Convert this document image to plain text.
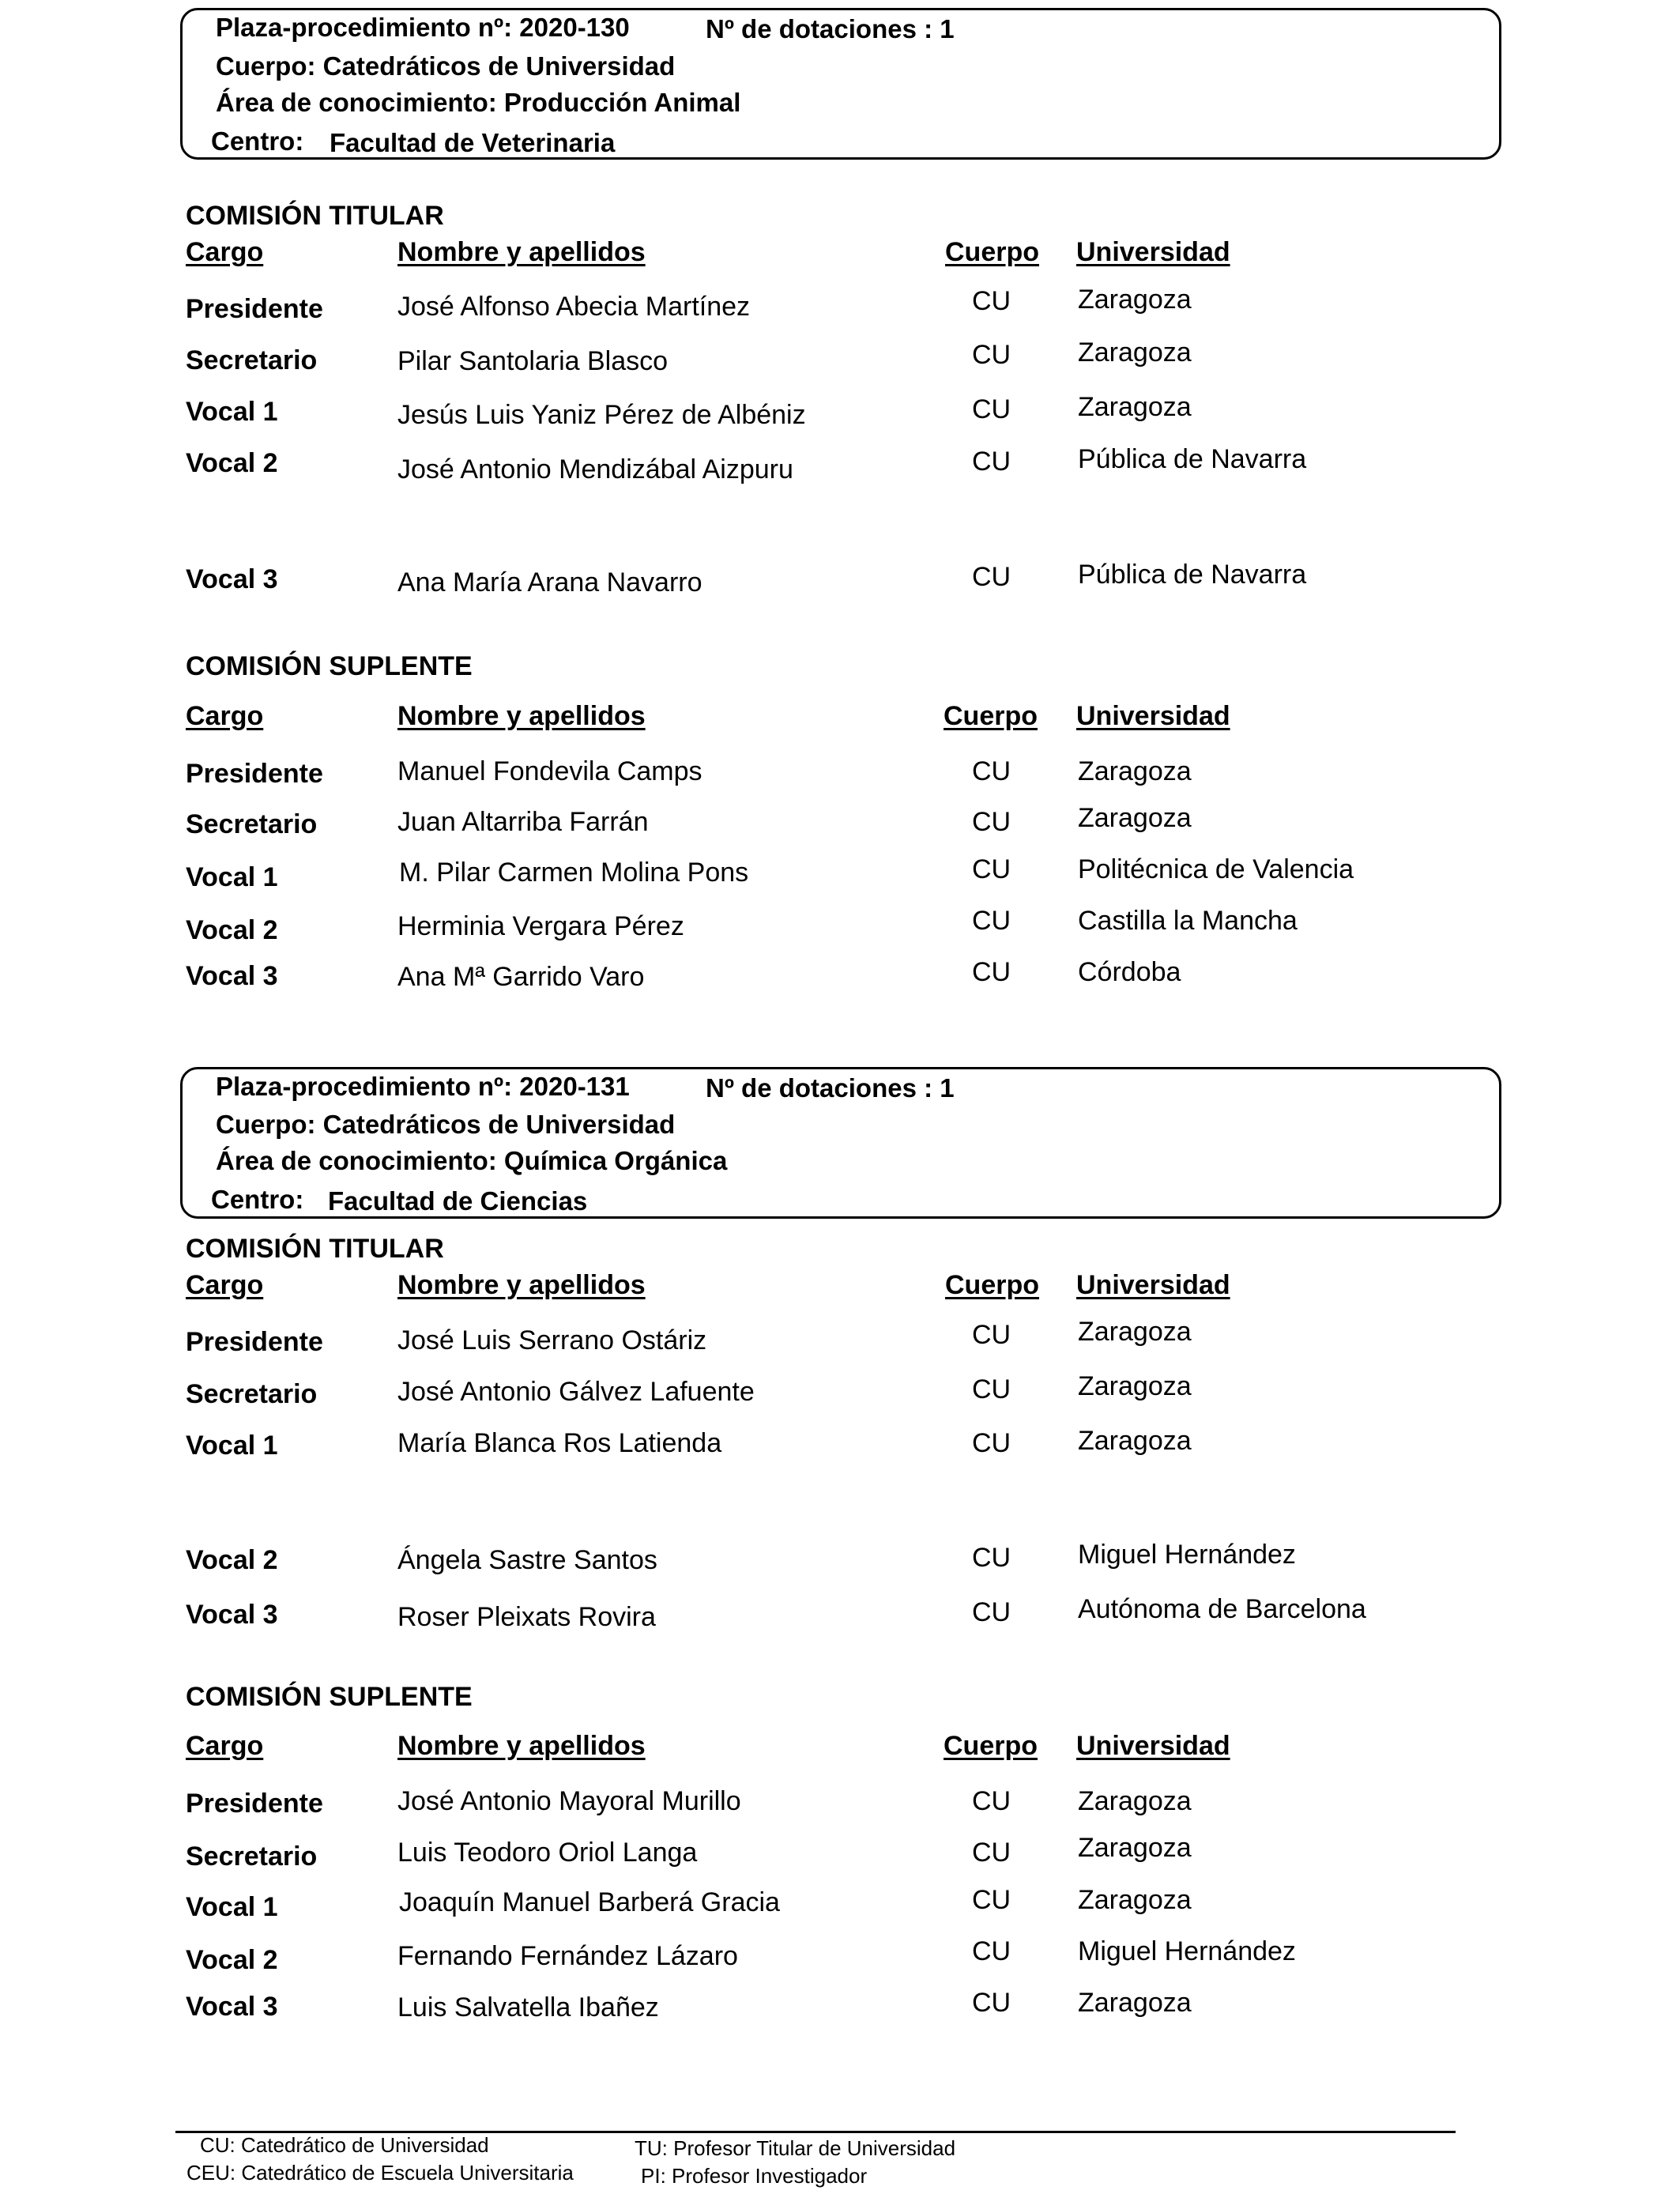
Plaza-procedimiento nº: 2020-130	Nº de dotaciones : 1
Cuerpo: Catedráticos de Universidad
Área de conocimiento: Producción Animal
Centro: Facultad de Veterinaria
COMISIÓN TITULAR
Cargo	Nombre y apellidos	Cuerpo Universidad
Presidente	José Alfonso Abecia Martínez	CU Zaragoza
Secretario	Pilar Santolaria Blasco	CU Zaragoza
Vocal 1	Jesús Luis Yaniz Pérez de Albéniz	CU Zaragoza
Vocal 2	José Antonio Mendizábal Aizpuru	CU Pública de Navarra
Vocal 3	Ana María Arana Navarro	CU Pública de Navarra
COMISIÓN SUPLENTE
Cargo	Nombre y apellidos	Cuerpo Universidad
Presidente	Manuel Fondevila Camps	CU Zaragoza
Secretario	Juan Altarriba Farrán	CU Zaragoza
Vocal 1	M. Pilar Carmen Molina Pons	CU Politécnica de Valencia
Vocal 2	Herminia Vergara Pérez	CU Castilla la Mancha
Vocal 3	Ana Mª Garrido Varo	CU Córdoba
Plaza-procedimiento nº: 2020-131	Nº de dotaciones : 1
Cuerpo: Catedráticos de Universidad
Área de conocimiento: Química Orgánica
Centro: Facultad de Ciencias
COMISIÓN TITULAR
Cargo	Nombre y apellidos	Cuerpo Universidad
Presidente	José Luis Serrano Ostáriz	CU Zaragoza
Secretario	José Antonio Gálvez Lafuente	CU Zaragoza
Vocal 1	María Blanca Ros Latienda	CU Zaragoza
Vocal 2	Ángela Sastre Santos	CU Miguel Hernández
Vocal 3	Roser Pleixats Rovira	CU Autónoma de Barcelona
COMISIÓN SUPLENTE
Cargo	Nombre y apellidos	Cuerpo Universidad
Presidente	José Antonio Mayoral Murillo	CU Zaragoza
Secretario	Luis Teodoro Oriol Langa	CU Zaragoza
Vocal 1	Joaquín Manuel Barberá Gracia	CU Zaragoza
Vocal 2	Fernando Fernández Lázaro	CU Miguel Hernández
Vocal 3	Luis Salvatella Ibañez	CU Zaragoza
CU: Catedrático de Universidad
CEU: Catedrático de Escuela Universitaria
TU: Profesor Titular de Universidad
PI: Profesor Investigador
